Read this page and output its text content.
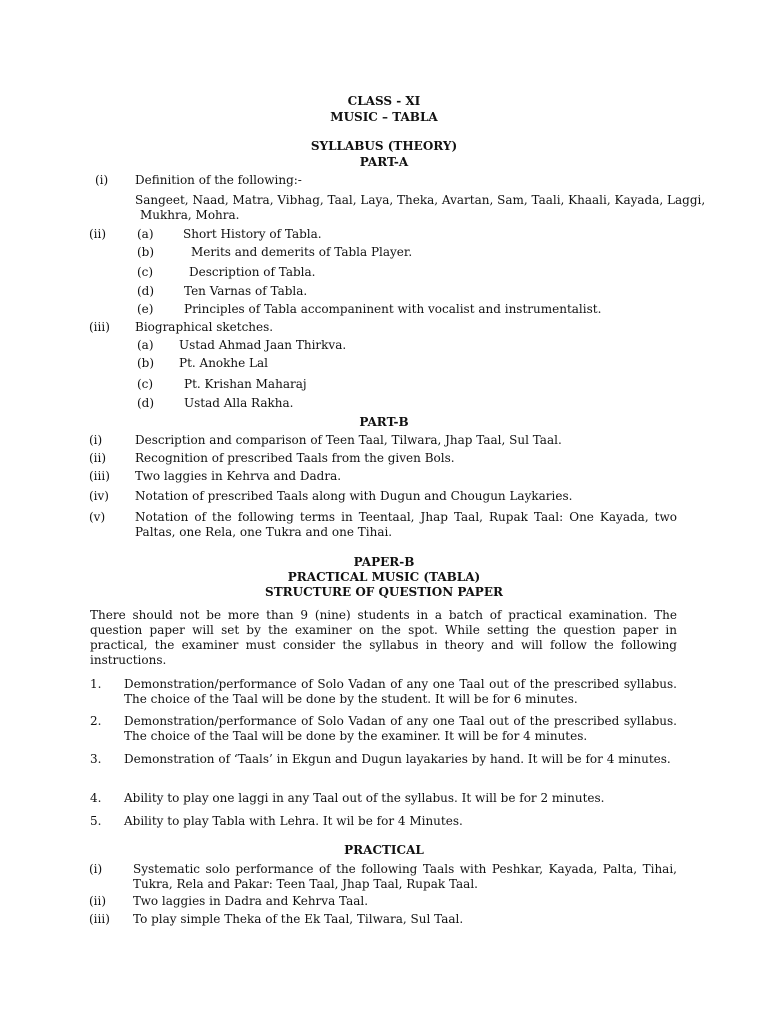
CLASS - XI
MUSIC – TABLA
SYLLABUS (THEORY)
PART-A
(i) Definition of the following:-
Sangeet, Naad, Matra, Vibhag, Taal, Laya, Theka, Avartan, Sam, Taali, Khaali, Kayada, Laggi,
Mukhra, Mohra.
(ii)	(a) Short History of Tabla.
(b)	Merits and demerits of Tabla Player.
(c)	Description of Tabla.
(d) Ten Varnas of Tabla.
(e)	Principles of Tabla accompaninent with vocalist and instrumentalist.
(iii) Biographical sketches.
(a) Ustad Ahmad Jaan Thirkva.
(b) Pt. Anokhe Lal
(c)	Pt. Krishan Maharaj
(d) Ustad Alla Rakha.
PART-B
(i)	Description and comparison of Teen Taal, Tilwara, Jhap Taal, Sul Taal.
(ii) Recognition of prescribed Taals from the given Bols.
(iii) Two laggies in Kehrva and Dadra.
(iv) Notation of prescribed Taals along with Dugun and Chougun Laykaries.
(v) Notation of the following terms in Teentaal, Jhap Taal, Rupak Taal: One Kayada, two Paltas, one Rela, one Tukra and one Tihai.
PAPER-B
PRACTICAL MUSIC (TABLA)
STRUCTURE OF QUESTION PAPER
There should not be more than 9 (nine) students in a batch of practical examination. The question paper will set by the examiner on the spot. While setting the question paper in practical, the examiner must consider the syllabus in theory and will follow the following instructions.
1. Demonstration/performance of Solo Vadan of any one Taal out of the prescribed syllabus. The choice of the Taal will be done by the student. It will be for 6 minutes.
2. Demonstration/performance of Solo Vadan of any one Taal out of the prescribed syllabus. The choice of the Taal will be done by the examiner. It will be for 4 minutes.
3. Demonstration of ‘Taals’ in Ekgun and Dugun layakaries by hand. It will be for 4 minutes.
4. Ability to play one laggi in any Taal out of the syllabus. It will be for 2 minutes.
5. Ability to play Tabla with Lehra. It wil be for 4 Minutes.
PRACTICAL
(i)	Systematic solo performance of the following Taals with Peshkar, Kayada, Palta, Tihai, Tukra, Rela and Pakar: Teen Taal, Jhap Taal, Rupak Taal.
(ii) Two laggies in Dadra and Kehrva Taal.
(iii) To play simple Theka of the Ek Taal, Tilwara, Sul Taal.
